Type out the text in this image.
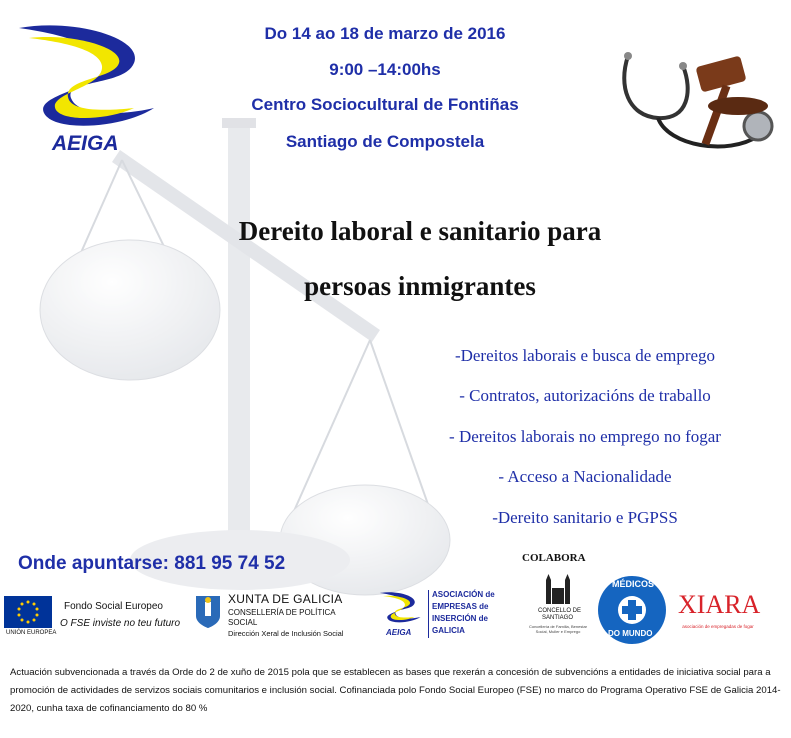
AEIGA
Do 14 ao 18 de marzo de 2016
9:00 –14:00hs
Centro Sociocultural de Fontiñas
Santiago de Compostela
Dereito laboral e sanitario para
persoas inmigrantes
-Dereitos laborais e busca de emprego
- Contratos, autorizacións de traballo
- Dereitos laborais no emprego no fogar
- Acceso a Nacionalidade
-Dereito sanitario e PGPSS
Onde apuntarse: 881 95 74 52	COLABORA
UNIÓN EUROPEA
Fondo Social Europeo
O FSE inviste no teu futuro
XUNTA DE GALICIA
CONSELLERÍA DE POLÍTICA
SOCIAL
Dirección Xeral de Inclusión Social	AEIGA
ASOCIACIÓN de
EMPRESAS de
INSERCIÓN de
GALICIA
CONCELLO DE
SANTIAGO
Concellería de Familia, Benestar Social, Muller e Emprego
MÉDICOS
DO MUNDO
XIARA
asociación de empregadas de fogar
Actuación subvencionada a través da Orde do 2 de xuño de 2015 pola que se establecen as bases que rexerán a concesión de subvencións a entidades de iniciativa social para a promoción de actividades de servizos sociais comunitarios e inclusión social. Cofinanciada polo Fondo Social Europeo (FSE) no marco do Programa Operativo FSE de Galicia 2014-2020, cunha taxa de cofinanciamento do 80 %
